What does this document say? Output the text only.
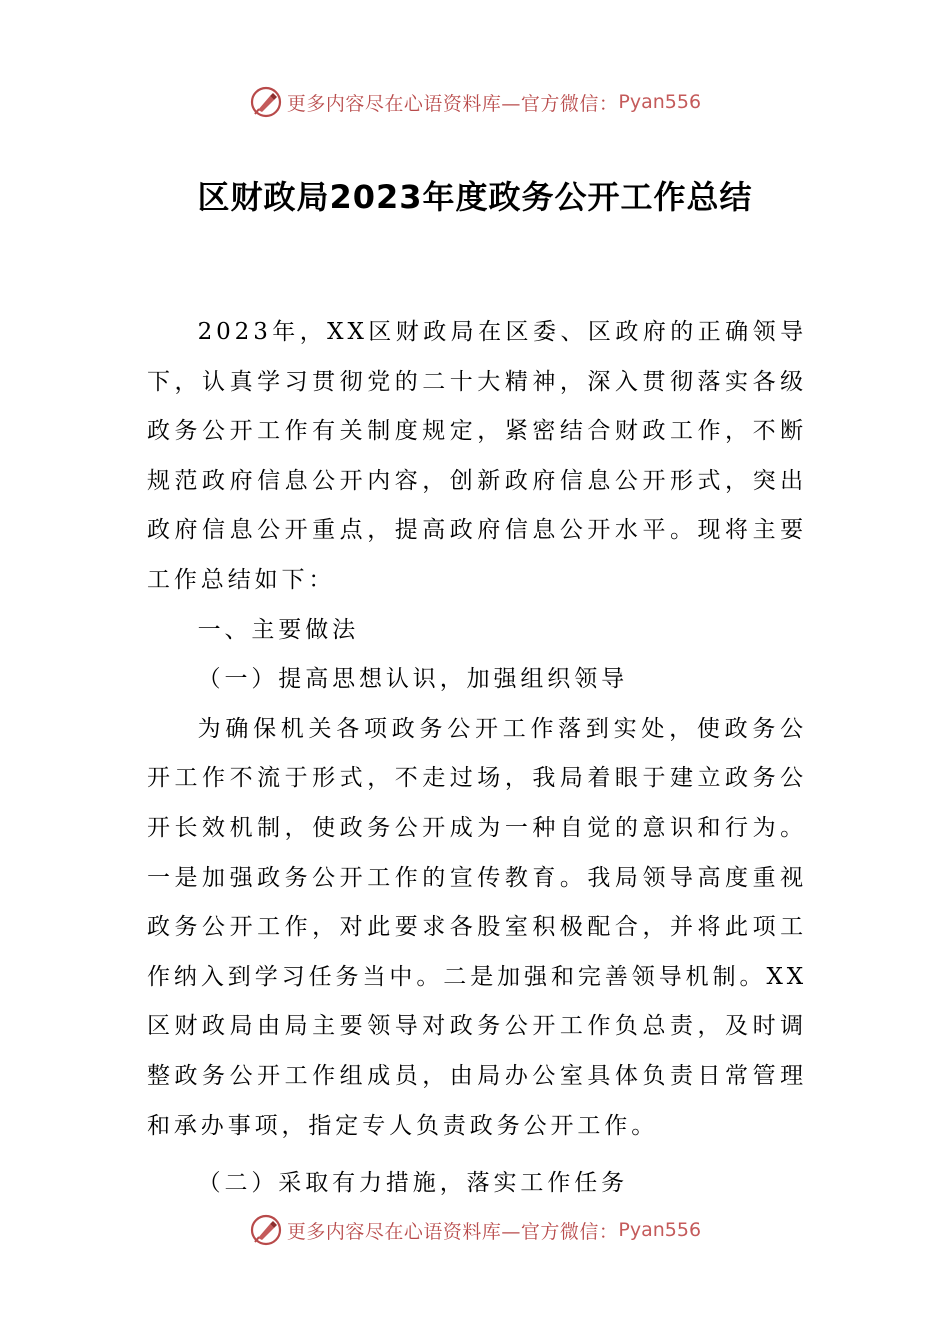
更多内容尽在心语资料库—官方微信： Pyan556
区财政局2023年度政务公开工作总结

2023年，XX区财政局在区委、区政府的正确领导下，认真学习贯彻党的二十大精神，深入贯彻落实各级政务公开工作有关制度规定，紧密结合财政工作，不断规范政府信息公开内容，创新政府信息公开形式，突出政府信息公开重点，提高政府信息公开水平。现将主要工作总结如下：

一、主要做法

（一）提高思想认识，加强组织领导

为确保机关各项政务公开工作落到实处，使政务公开工作不流于形式，不走过场，我局着眼于建立政务公开长效机制，使政务公开成为一种自觉的意识和行为。一是加强政务公开工作的宣传教育。我局领导高度重视政务公开工作，对此要求各股室积极配合，并将此项工作纳入到学习任务当中。二是加强和完善领导机制。XX区财政局由局主要领导对政务公开工作负总责，及时调整政务公开工作组成员，由局办公室具体负责日常管理和承办事项，指定专人负责政务公开工作。

（二）采取有力措施，落实工作任务

更多内容尽在心语资料库—官方微信： Pyan556
